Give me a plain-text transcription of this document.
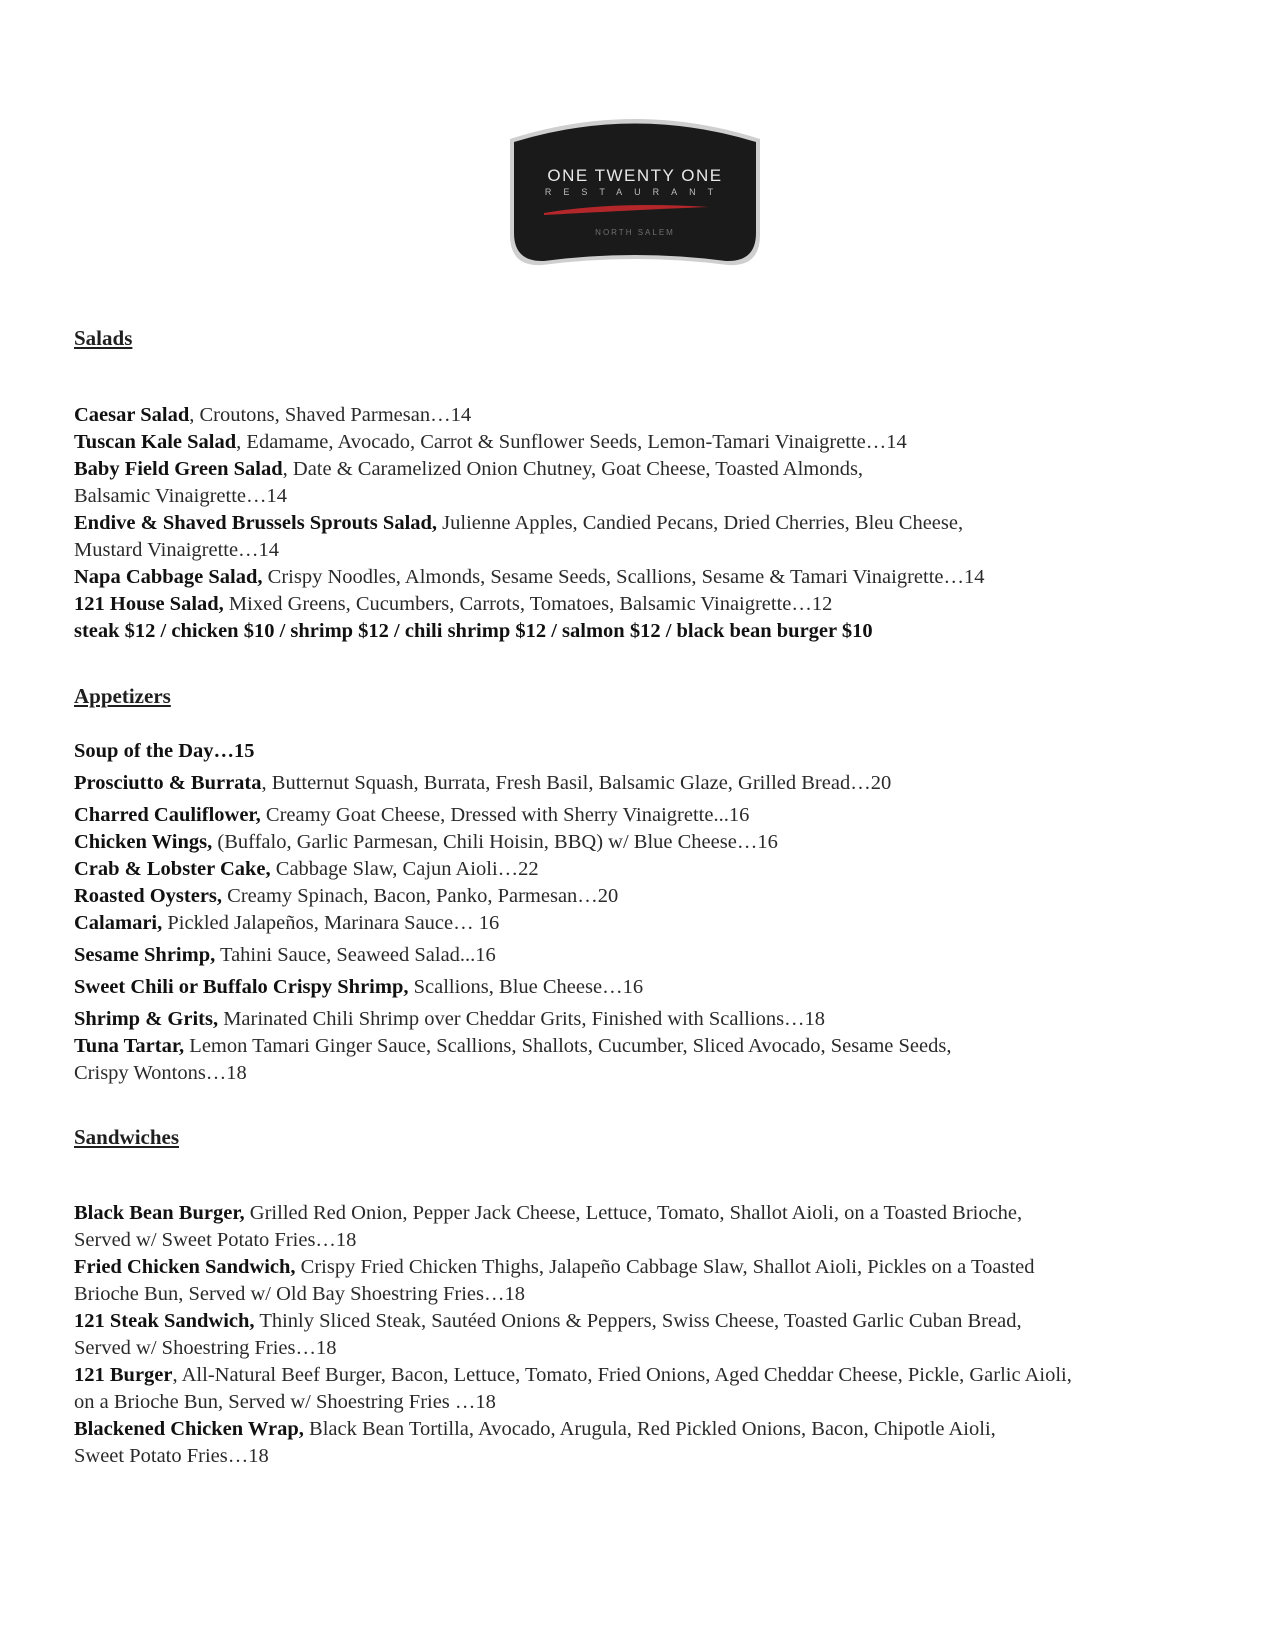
ONE TWENTY ONE
RESTAURANT
NORTH SALEM
Salads
Caesar Salad, Croutons, Shaved Parmesan…14
Tuscan Kale Salad, Edamame, Avocado, Carrot & Sunflower Seeds, Lemon-Tamari Vinaigrette…14
Baby Field Green Salad, Date & Caramelized Onion Chutney, Goat Cheese, Toasted Almonds,
Balsamic Vinaigrette…14
Endive & Shaved Brussels Sprouts Salad, Julienne Apples, Candied Pecans, Dried Cherries, Bleu Cheese,
Mustard Vinaigrette…14
Napa Cabbage Salad, Crispy Noodles, Almonds, Sesame Seeds, Scallions, Sesame & Tamari Vinaigrette…14
121 House Salad, Mixed Greens, Cucumbers, Carrots, Tomatoes, Balsamic Vinaigrette…12
steak $12 / chicken $10 / shrimp $12 / chili shrimp $12 / salmon $12 / black bean burger $10
Appetizers
Soup of the Day…15
Prosciutto & Burrata, Butternut Squash, Burrata, Fresh Basil, Balsamic Glaze, Grilled Bread…20
Charred Cauliflower, Creamy Goat Cheese, Dressed with Sherry Vinaigrette...16
Chicken Wings, (Buffalo, Garlic Parmesan, Chili Hoisin, BBQ) w/ Blue Cheese…16
Crab & Lobster Cake, Cabbage Slaw, Cajun Aioli…22
Roasted Oysters, Creamy Spinach, Bacon, Panko, Parmesan…20
Calamari, Pickled Jalapeños, Marinara Sauce… 16
Sesame Shrimp, Tahini Sauce, Seaweed Salad...16
Sweet Chili or Buffalo Crispy Shrimp, Scallions, Blue Cheese…16
Shrimp & Grits, Marinated Chili Shrimp over Cheddar Grits, Finished with Scallions…18
Tuna Tartar, Lemon Tamari Ginger Sauce, Scallions, Shallots, Cucumber, Sliced Avocado, Sesame Seeds,
Crispy Wontons…18
Sandwiches
Black Bean Burger, Grilled Red Onion, Pepper Jack Cheese, Lettuce, Tomato, Shallot Aioli, on a Toasted Brioche,
Served w/ Sweet Potato Fries…18
Fried Chicken Sandwich, Crispy Fried Chicken Thighs, Jalapeño Cabbage Slaw, Shallot Aioli, Pickles on a Toasted
Brioche Bun, Served w/ Old Bay Shoestring Fries…18
121 Steak Sandwich, Thinly Sliced Steak, Sautéed Onions & Peppers, Swiss Cheese, Toasted Garlic Cuban Bread,
Served w/ Shoestring Fries…18
121 Burger, All-Natural Beef Burger, Bacon, Lettuce, Tomato, Fried Onions, Aged Cheddar Cheese, Pickle, Garlic Aioli,
on a Brioche Bun, Served w/ Shoestring Fries …18
Blackened Chicken Wrap, Black Bean Tortilla, Avocado, Arugula, Red Pickled Onions, Bacon, Chipotle Aioli,
Sweet Potato Fries…18
